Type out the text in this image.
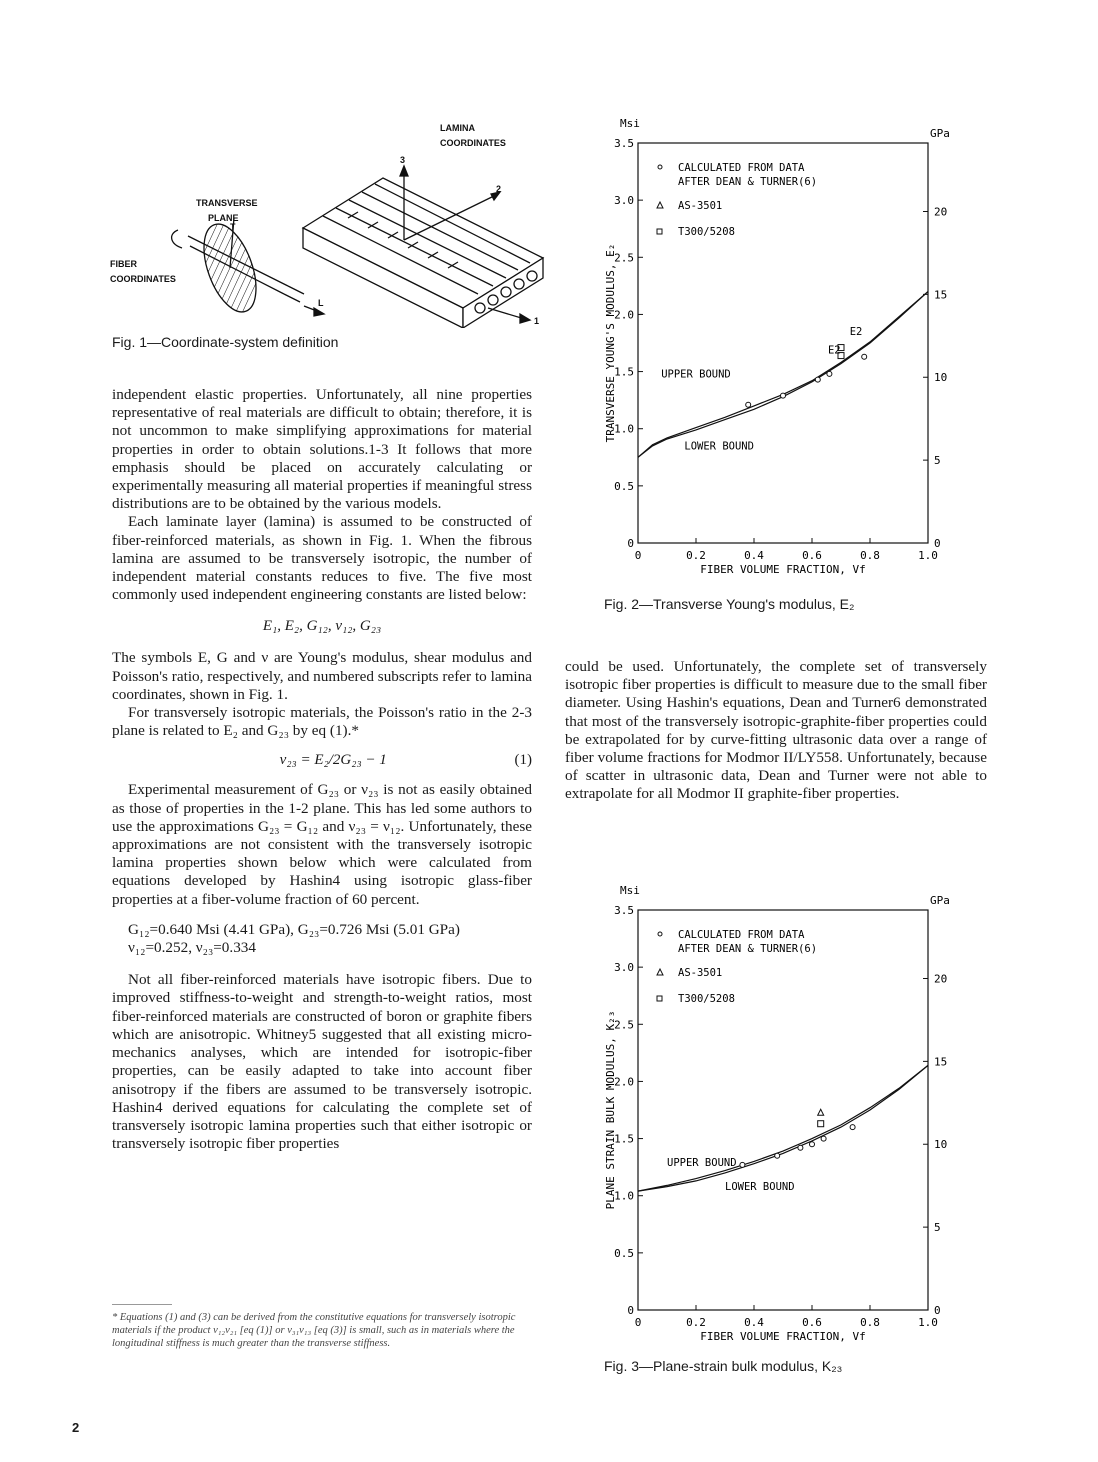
LAMINA
COORDINATES
TRANSVERSE
PLANE
FIBER
COORDINATES
3
2
1
T
L

Fig. 1—Coordinate-system definition

independent elastic properties. Unfortunately, all nine properties representative of real materials are difficult to obtain; therefore, it is not uncommon to make simplifying approximations for material properties in order to obtain solutions.1-3 It follows that more emphasis should be placed on accurately calculating or experimentally measuring all material properties if meaningful stress distributions are to be obtained by the various models.

Each laminate layer (lamina) is assumed to be constructed of fiber-reinforced materials, as shown in Fig. 1. When the fibrous lamina are assumed to be transversely isotropic, the number of independent material constants reduces to five. The five most commonly used independent engineering constants are listed below:

E₁, E₂, G₁₂, ν₁₂, G₂₃

The symbols E, G and ν are Young's modulus, shear modulus and Poisson's ratio, respectively, and numbered subscripts refer to lamina coordinates, shown in Fig. 1.

For transversely isotropic materials, the Poisson's ratio in the 2-3 plane is related to E₂ and G₂₃ by eq (1).*

ν₂₃ = E₂/2G₂₃ − 1	(1)

Experimental measurement of G₂₃ or ν₂₃ is not as easily obtained as those of properties in the 1-2 plane. This has led some authors to use the approximations G₂₃ = G₁₂ and ν₂₃ = ν₁₂. Unfortunately, these approximations are not consistent with the transversely isotropic lamina properties shown below which were calculated from equations developed by Hashin4 using isotropic glass-fiber properties at a fiber-volume fraction of 60 percent.

G₁₂=0.640 Msi (4.41 GPa), G₂₃=0.726 Msi (5.01 GPa)

ν₁₂=0.252, ν₂₃=0.334

Not all fiber-reinforced materials have isotropic fibers. Due to improved stiffness-to-weight and strength-to-weight ratios, most fiber-reinforced materials are constructed of boron or graphite fibers which are anisotropic. Whitney5 suggested that all existing micro-mechanics analyses, which are intended for isotropic-fiber properties, can be easily adapted to take into account fiber anisotropy if the fibers are assumed to be transversely isotropic. Hashin4 derived equations for calculating the complete set of transversely isotropic lamina properties such that either isotropic or transversely isotropic fiber properties

* Equations (1) and (3) can be derived from the constitutive equations for transversely isotropic materials if the product ν₁₂ν₂₁ [eq (1)] or ν₃₁ν₁₃ [eq (3)] is small, such as in materials where the longitudinal stiffness is much greater than the transverse stiffness.

2
Msi
GPa
0
0.5
1.0
1.5
2.0
2.5
3.0
3.5
0
5
10
15
20
0	0.2	0.4	0.6	0.8	1.0
FIBER VOLUME FRACTION, Vf
TRANSVERSE YOUNG'S MODULUS, E₂
CALCULATED FROM DATA
AFTER DEAN & TURNER(6)
AS-3501
T300/5208
UPPER BOUND
LOWER BOUND
E2
E2

Fig. 2—Transverse Young's modulus, E₂

could be used. Unfortunately, the complete set of transversely isotropic fiber properties is difficult to measure due to the small fiber diameter. Using Hashin's equations, Dean and Turner6 demonstrated that most of the transversely isotropic-graphite-fiber properties could be extrapolated for by curve-fitting ultrasonic data over a range of fiber volume fractions for Modmor II/LY558. Unfortunately, because of scatter in ultrasonic data, Dean and Turner were not able to extrapolate for all Modmor II graphite-fiber properties.

Msi
GPa
0
0.5
1.0
1.5
2.0
2.5
3.0
3.5
0
5
10
15
20
0	0.2	0.4	0.6	0.8	1.0
FIBER VOLUME FRACTION, Vf
PLANE STRAIN BULK MODULUS, K₂₃
CALCULATED FROM DATA
AFTER DEAN & TURNER(6)
AS-3501
T300/5208
UPPER BOUND
LOWER BOUND

Fig. 3—Plane-strain bulk modulus, K₂₃
